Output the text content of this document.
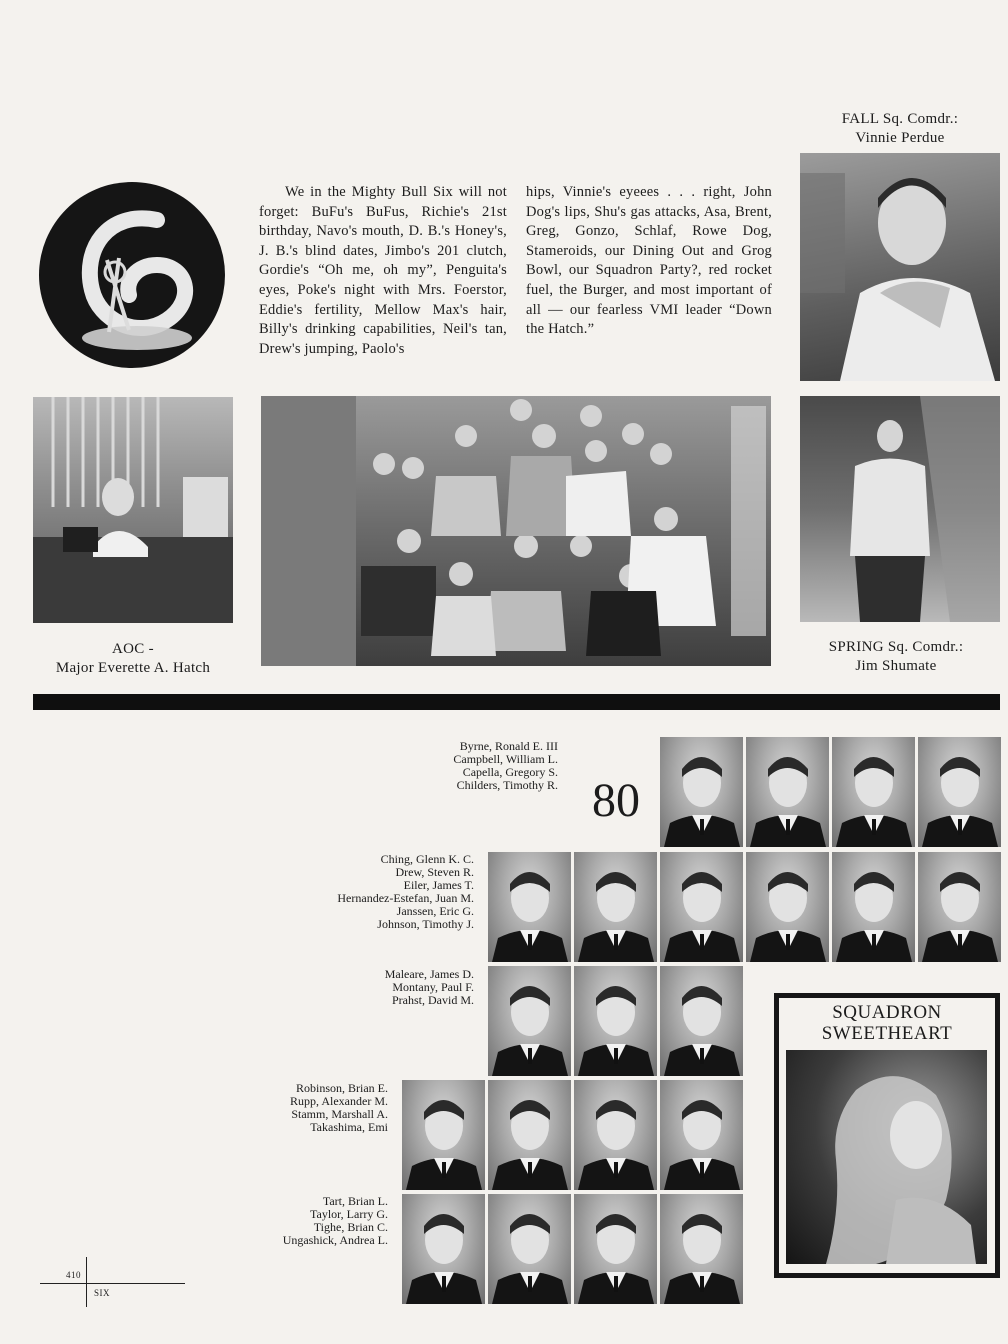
We in the Mighty Bull Six will not forget: BuFu's BuFus, Richie's 21st birthday, Navo's mouth, D. B.'s Honey's, J. B.'s blind dates, Jimbo's 201 clutch, Gordie's “Oh me, oh my”, Penguita's eyes, Poke's night with Mrs. Foerstor, Eddie's fertility, Mellow Max's hair, Billy's drinking capabilities, Neil's tan, Drew's jumping, Paolo's
hips, Vinnie's eyeees . . . right, John Dog's lips, Shu's gas attacks, Asa, Brent, Greg, Gonzo, Schlaf, Rowe Dog, Stameroids, our Dining Out and Grog Bowl, our Squadron Party?, red rocket fuel, the Burger, and most important of all — our fearless VMI leader “Down the Hatch.”
FALL Sq. Comdr.:
Vinnie Perdue
AOC -
Major Everette A. Hatch
SPRING Sq. Comdr.:
Jim Shumate
Byrne, Ronald E. III
Campbell, William L.
Capella, Gregory S.
Childers, Timothy R. 80
Ching, Glenn K. C.
Drew, Steven R.
Eiler, James T.
Hernandez-Estefan, Juan M.
Janssen, Eric G.
Johnson, Timothy J.
Maleare, James D.
Montany, Paul F.
Prahst, David M.
Robinson, Brian E.
Rupp, Alexander M.
Stamm, Marshall A.
Takashima, Emi
Tart, Brian L.
Taylor, Larry G.
Tighe, Brian C.
Ungashick, Andrea L.
SQUADRON
SWEETHEART
410
SIX
